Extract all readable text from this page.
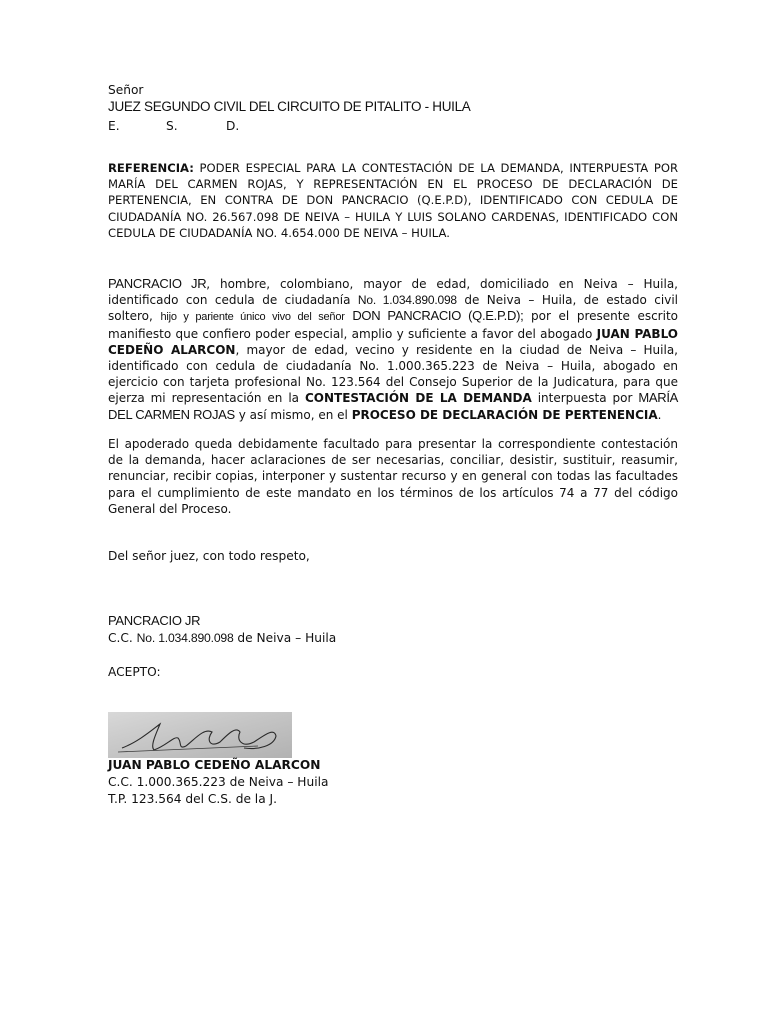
Señor
JUEZ SEGUNDO CIVIL DEL CIRCUITO DE PITALITO - HUILA
E.	S.	D.
REFERENCIA: PODER ESPECIAL PARA LA CONTESTACIÓN DE LA DEMANDA, INTERPUESTA POR MARÍA DEL CARMEN ROJAS, Y REPRESENTACIÓN EN EL PROCESO DE DECLARACIÓN DE PERTENENCIA, EN CONTRA DE DON PANCRACIO (Q.E.P.D), IDENTIFICADO CON CEDULA DE CIUDADANÍA NO. 26.567.098 DE NEIVA – HUILA Y LUIS SOLANO CARDENAS, IDENTIFICADO CON CEDULA DE CIUDADANÍA NO. 4.654.000 DE NEIVA – HUILA.
PANCRACIO JR, hombre, colombiano, mayor de edad, domiciliado en Neiva – Huila, identificado con cedula de ciudadanía No. 1.034.890.098 de Neiva – Huila, de estado civil soltero, hijo y pariente único vivo del señor DON PANCRACIO (Q.E.P.D); por el presente escrito manifiesto que confiero poder especial, amplio y suficiente a favor del abogado JUAN PABLO CEDEÑO ALARCON, mayor de edad, vecino y residente en la ciudad de Neiva – Huila, identificado con cedula de ciudadanía No. 1.000.365.223 de Neiva – Huila, abogado en ejercicio con tarjeta profesional No. 123.564 del Consejo Superior de la Judicatura, para que ejerza mi representación en la CONTESTACIÓN DE LA DEMANDA interpuesta por MARÍA DEL CARMEN ROJAS y así mismo, en el PROCESO DE DECLARACIÓN DE PERTENENCIA.
El apoderado queda debidamente facultado para presentar la correspondiente contestación de la demanda, hacer aclaraciones de ser necesarias, conciliar, desistir, sustituir, reasumir, renunciar, recibir copias, interponer y sustentar recurso y en general con todas las facultades para el cumplimiento de este mandato en los términos de los artículos 74 a 77 del código General del Proceso.
Del señor juez, con todo respeto,
PANCRACIO JR
C.C. No. 1.034.890.098 de Neiva – Huila
ACEPTO:
JUAN PABLO CEDEÑO ALARCON
C.C. 1.000.365.223 de Neiva – Huila
T.P. 123.564 del C.S. de la J.
